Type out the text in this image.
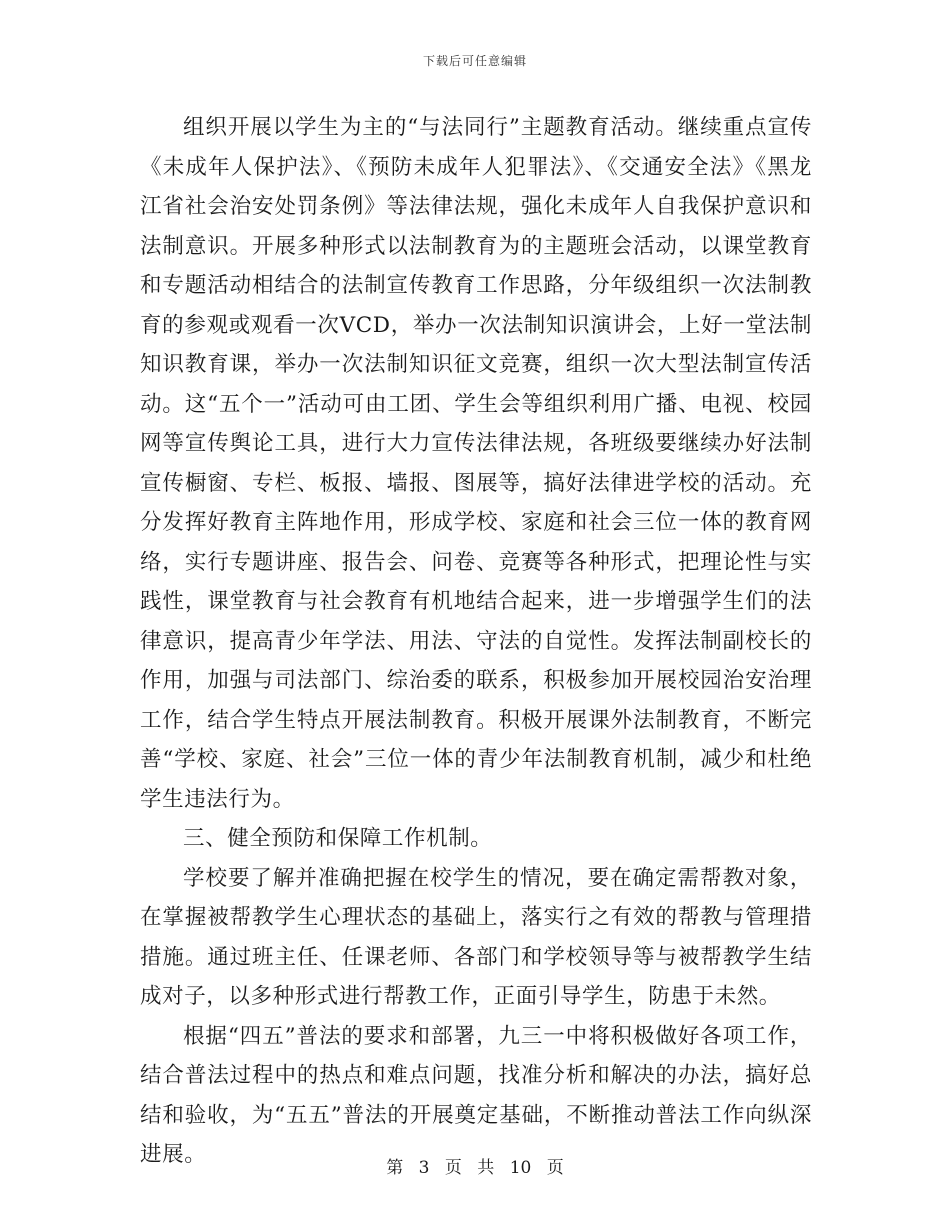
下载后可任意编辑

组织开展以学生为主的“与法同行”主题教育活动。继续重点宣传《未成年人保护法》、《预防未成年人犯罪法》、《交通安全法》《黑龙江省社会治安处罚条例》等法律法规，强化未成年人自我保护意识和法制意识。开展多种形式以法制教育为的主题班会活动，以课堂教育和专题活动相结合的法制宣传教育工作思路，分年级组织一次法制教育的参观或观看一次VCD，举办一次法制知识演讲会，上好一堂法制知识教育课，举办一次法制知识征文竞赛，组织一次大型法制宣传活动。这“五个一”活动可由工团、学生会等组织利用广播、电视、校园网等宣传舆论工具，进行大力宣传法律法规，各班级要继续办好法制宣传橱窗、专栏、板报、墙报、图展等，搞好法律进学校的活动。充分发挥好教育主阵地作用，形成学校、家庭和社会三位一体的教育网络，实行专题讲座、报告会、问卷、竞赛等各种形式，把理论性与实践性，课堂教育与社会教育有机地结合起来，进一步增强学生们的法律意识，提高青少年学法、用法、守法的自觉性。发挥法制副校长的作用，加强与司法部门、综治委的联系，积极参加开展校园治安治理工作，结合学生特点开展法制教育。积极开展课外法制教育，不断完善“学校、家庭、社会”三位一体的青少年法制教育机制，减少和杜绝学生违法行为。

三、健全预防和保障工作机制。

学校要了解并准确把握在校学生的情况，要在确定需帮教对象，在掌握被帮教学生心理状态的基础上，落实行之有效的帮教与管理措措施。通过班主任、任课老师、各部门和学校领导等与被帮教学生结成对子，以多种形式进行帮教工作，正面引导学生，防患于未然。

根据“四五”普法的要求和部署，九三一中将积极做好各项工作，结合普法过程中的热点和难点问题，找准分析和解决的办法，搞好总结和验收，为“五五”普法的开展奠定基础，不断推动普法工作向纵深进展。

第 3 页 共 10 页
